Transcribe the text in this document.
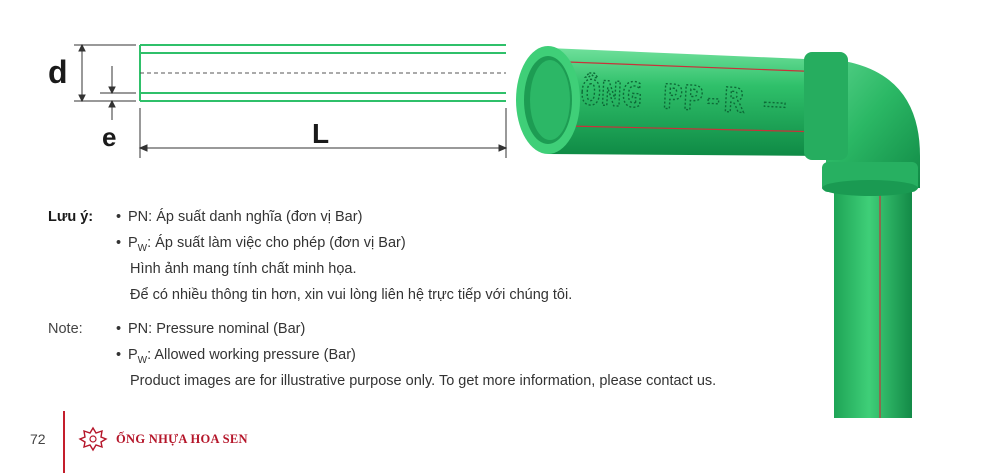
d
e	L
ÔNG PP-R –
Lưu ý: • PN: Áp suất danh nghĩa (đơn vị Bar)
• $P_W$: Áp suất làm việc cho phép (đơn vị Bar)
Hình ảnh mang tính chất minh họa.
Để có nhiều thông tin hơn, xin vui lòng liên hệ trực tiếp với chúng tôi.
Note: • PN: Pressure nominal (Bar)
• $P_W$: Allowed working pressure (Bar)
Product images are for illustrative purpose only. To get more information, please contact us.
72	ỐNG NHỰA HOA SEN
